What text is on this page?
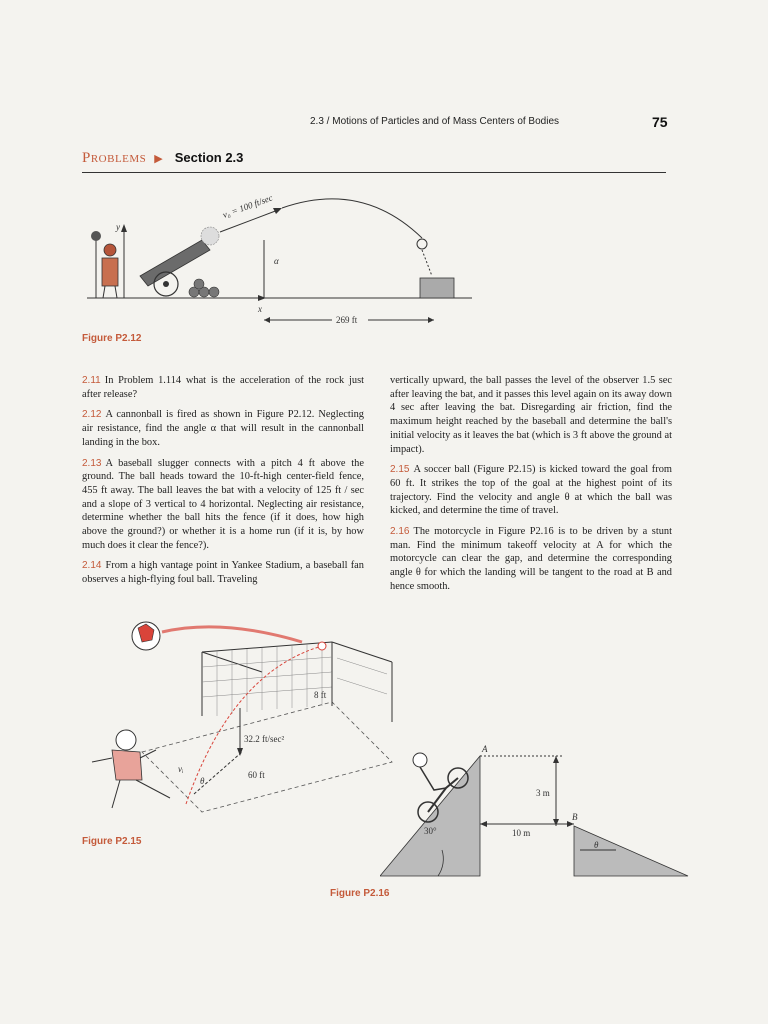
2.3 / Motions of Particles and of Mass Centers of Bodies	75
Problems ▶ Section 2.3
v₀ = 100 ft/sec
α
y
x
269 ft
Figure P2.12

2.11 In Problem 1.114 what is the acceleration of the rock just after release?

2.12 A cannonball is fired as shown in Figure P2.12. Neglecting air resistance, find the angle α that will result in the cannonball landing in the box.

2.13 A baseball slugger connects with a pitch 4 ft above the ground. The ball heads toward the 10-ft-high center-field fence, 455 ft away. The ball leaves the bat with a velocity of 125 ft / sec and a slope of 3 vertical to 4 horizontal. Neglecting air resistance, determine whether the ball hits the fence (if it does, how high above the ground?) or whether it is a home run (if it is, by how much does it clear the fence?).

2.14 From a high vantage point in Yankee Stadium, a baseball fan observes a high-flying foul ball. Traveling

vertically upward, the ball passes the level of the observer 1.5 sec after leaving the bat, and it passes this level again on its away down 4 sec after leaving the bat. Disregarding air friction, find the maximum height reached by the baseball and determine the ball's initial velocity as it leaves the bat (which is 3 ft above the ground at impact).

2.15 A soccer ball (Figure P2.15) is kicked toward the goal from 60 ft. It strikes the top of the goal at the highest point of its trajectory. Find the velocity and angle θ at which the ball was kicked, and determine the time of travel.

2.16 The motorcycle in Figure P2.16 is to be driven by a stunt man. Find the minimum takeoff velocity at A for which the motorcycle can clear the gap, and determine the corresponding angle θ for which the landing will be tangent to the road at B and hence smooth.

8 ft
32.2 ft/sec²
60 ft
vᵢ
θ
Figure P2.15
A
B
3 m
10 m
30°
θ
Figure P2.16
